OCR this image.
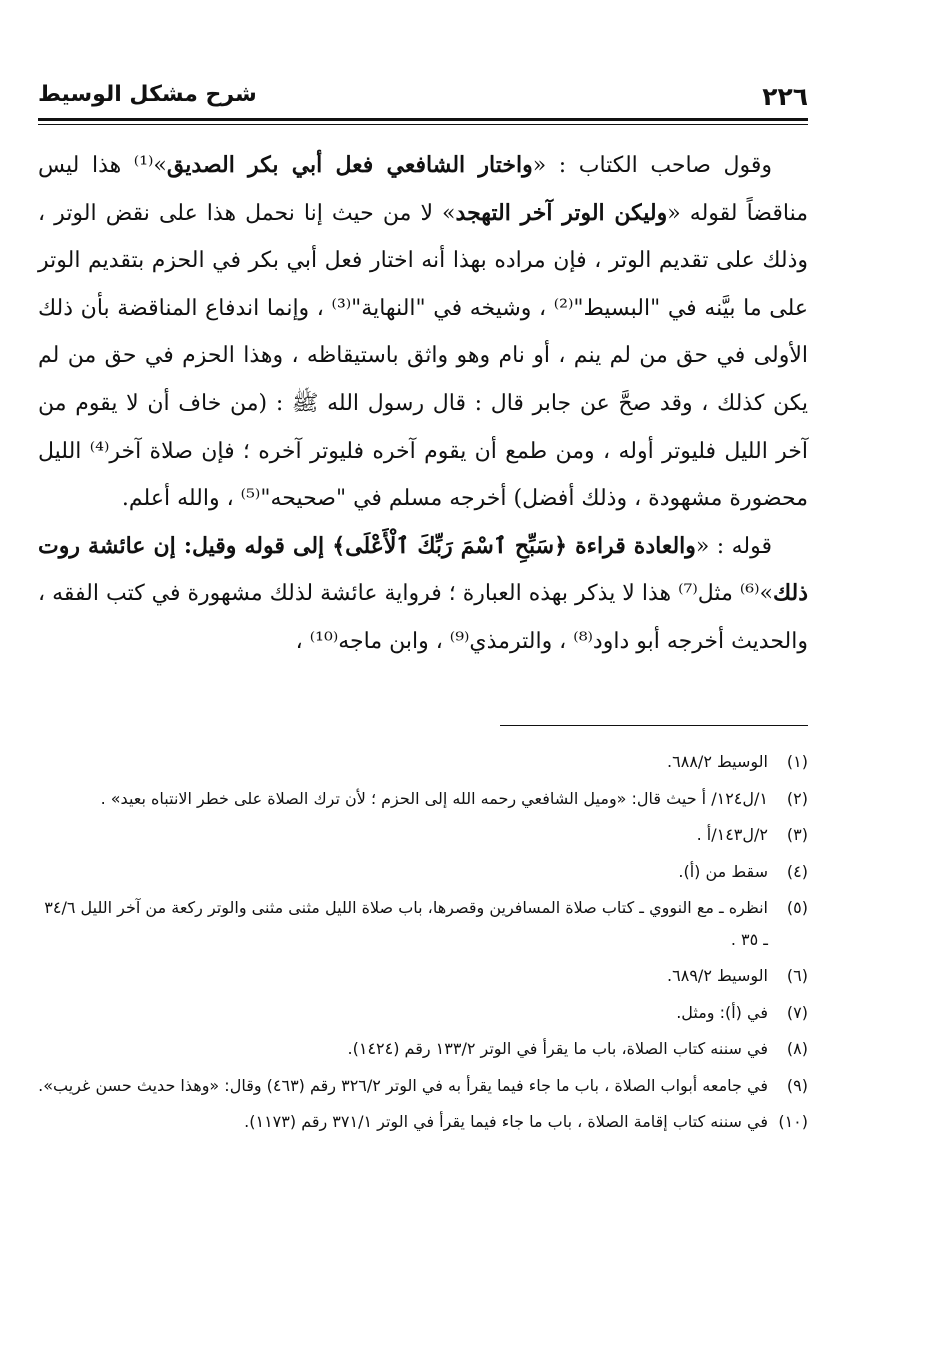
٢٢٦
شرح مشكل الوسيط

وقول صاحب الكتاب : «واختار الشافعي فعل أبي بكر الصديق»⁽¹⁾ هذا ليس مناقضاً لقوله «وليكن الوتر آخر التهجد» لا من حيث إنا نحمل هذا على نقض الوتر ، وذلك على تقديم الوتر ، فإن مراده بهذا أنه اختار فعل أبي بكر في الحزم بتقديم الوتر على ما بيَّنه في "البسيط"⁽²⁾ ، وشيخه في "النهاية"⁽³⁾ ، وإنما اندفاع المناقضة بأن ذلك الأولى في حق من لم ينم ، أو نام وهو واثق باستيقاظه ، وهذا الحزم في حق من لم يكن كذلك ، وقد صحَّ عن جابر قال : قال رسول الله ﷺ : (من خاف أن لا يقوم من آخر الليل فليوتر أوله ، ومن طمع أن يقوم آخره فليوتر آخره ؛ فإن صلاة آخر⁽⁴⁾ الليل محضورة مشهودة ، وذلك أفضل) أخرجه مسلم في "صحيحه"⁽⁵⁾ ، والله أعلم.

قوله : «والعادة قراءة ﴿سَبِّحِ ٱسْمَ رَبِّكَ ٱلْأَعْلَى﴾ إلى قوله وقيل: إن عائشة روت ذلك»⁽⁶⁾ مثل⁽⁷⁾ هذا لا يذكر بهذه العبارة ؛ فرواية عائشة لذلك مشهورة في كتب الفقه ، والحديث أخرجه أبو داود⁽⁸⁾ ، والترمذي⁽⁹⁾ ، وابن ماجه⁽¹⁰⁾ ،

(١)الوسيط ٦٨٨/٢.
(٢)١/ل١٢٤/ أ حيث قال: «وميل الشافعي رحمه الله إلى الحزم ؛ لأن ترك الصلاة على خطر الانتباه بعيد» .
(٣)٢/ل١٤٣/أ .
(٤)سقط من (أ).
(٥)انظره ـ مع النووي ـ كتاب صلاة المسافرين وقصرها، باب صلاة الليل مثنى مثنى والوتر ركعة من آخر الليل ٣٤/٦ ـ ٣٥ .
(٦)الوسيط ٦٨٩/٢.
(٧)في (أ): ومثل.
(٨)في سننه كتاب الصلاة، باب ما يقرأ في الوتر ١٣٣/٢ رقم (١٤٢٤).
(٩)في جامعه أبواب الصلاة ، باب ما جاء فيما يقرأ به في الوتر ٣٢٦/٢ رقم (٤٦٣) وقال: «وهذا حديث حسن غريب».
(١٠)في سننه كتاب إقامة الصلاة ، باب ما جاء فيما يقرأ في الوتر ٣٧١/١ رقم (١١٧٣).
